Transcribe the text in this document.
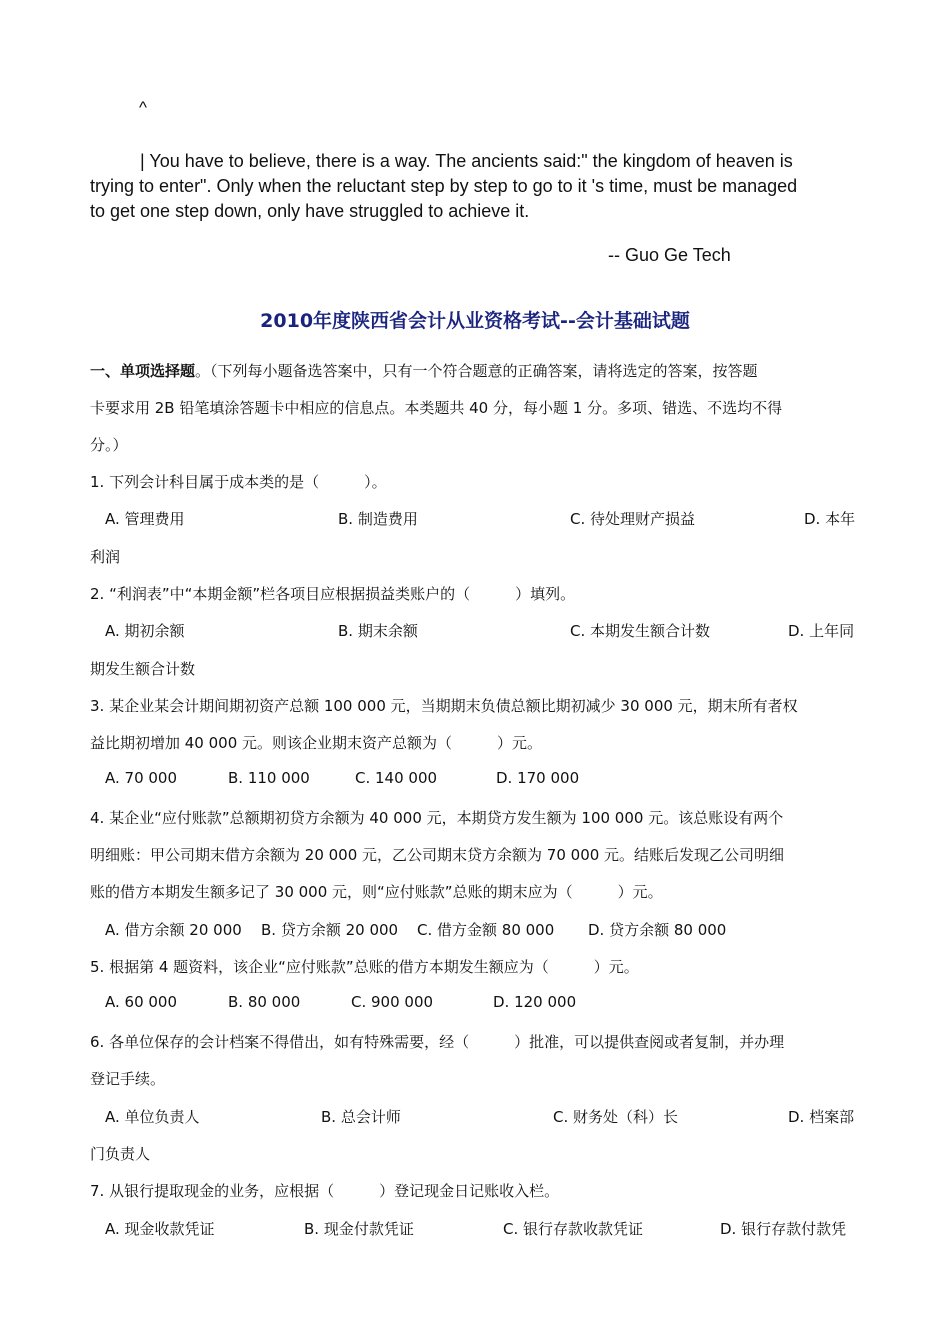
^
| You have to believe, there is a way. The ancients said:" the kingdom of heaven is
trying to enter". Only when the reluctant step by step to go to it 's time, must be managed
to get one step down, only have struggled to achieve it.
-- Guo Ge Tech
2010年度陕西省会计从业资格考试--会计基础试题
一、单项选择题。（下列每小题备选答案中，只有一个符合题意的正确答案，请将选定的答案，按答题
卡要求用 2B 铅笔填涂答题卡中相应的信息点。本类题共 40 分，每小题 1 分。多项、错选、不选均不得
分。）
1. 下列会计科目属于成本类的是（　　　）。
A. 管理费用	B. 制造费用	C. 待处理财产损益	D. 本年
利润
2. “利润表”中“本期金额”栏各项目应根据损益类账户的（　　　）填列。
A. 期初余额	B. 期末余额	C. 本期发生额合计数	D. 上年同
期发生额合计数
3. 某企业某会计期间期初资产总额 100 000 元，当期期末负债总额比期初减少 30 000 元，期末所有者权
益比期初增加 40 000 元。则该企业期末资产总额为（　　　）元。
A. 70 000	B. 110 000	C. 140 000	D. 170 000
4. 某企业“应付账款”总额期初贷方余额为 40 000 元，本期贷方发生额为 100 000 元。该总账设有两个
明细账：甲公司期末借方余额为 20 000 元，乙公司期末贷方余额为 70 000 元。结账后发现乙公司明细
账的借方本期发生额多记了 30 000 元，则“应付账款”总账的期末应为（　　　）元。
A. 借方余额 20 000 B. 贷方余额 20 000 C. 借方金额 80 000 D. 贷方余额 80 000
5. 根据第 4 题资料，该企业“应付账款”总账的借方本期发生额应为（　　　）元。
A. 60 000	B. 80 000	C. 900 000	D. 120 000
6. 各单位保存的会计档案不得借出，如有特殊需要，经（　　　）批准，可以提供查阅或者复制，并办理
登记手续。
A. 单位负责人	B. 总会计师	C. 财务处（科）长	D. 档案部
门负责人
7. 从银行提取现金的业务，应根据（　　　）登记现金日记账收入栏。
A. 现金收款凭证	B. 现金付款凭证	C. 银行存款收款凭证	D. 银行存款付款凭
